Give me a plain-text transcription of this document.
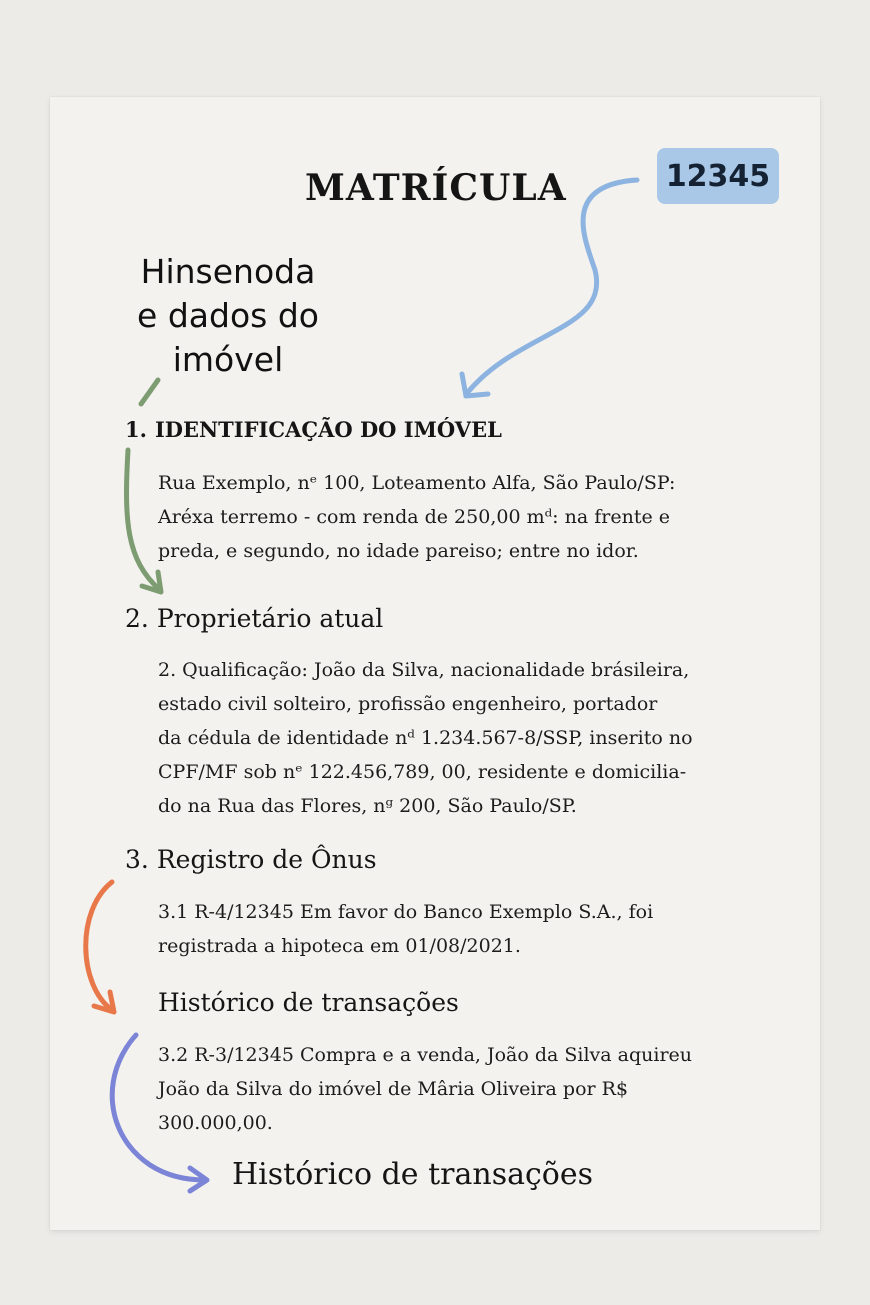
MATRÍCULA	12345
Hinsenoda
e dados do
imóvel
1. IDENTIFICAÇÃO DO IMÓVEL
Rua Exemplo, nᵉ 100, Loteamento Alfa, São Paulo/SP:
Aréxa terremo - com renda de 250,00 mᵈ: na frente e
preda, e segundo, no idade pareiso; entre no idor.
2. Proprietário atual
2. Qualificação: João da Silva, nacionalidade brásileira,
estado civil solteiro, profissão engenheiro, portador
da cédula de identidade nᵈ 1.234.567-8/SSP, inserito no
CPF/MF sob nᵉ 122.456,789, 00, residente e domicilia-
do na Rua das Flores, nᵍ 200, São Paulo/SP.
3. Registro de Ônus
3.1 R-4/12345 Em favor do Banco Exemplo S.A., foi
registrada a hipoteca em 01/08/2021.
Histórico de transações
3.2 R-3/12345 Compra e a venda, João da Silva aquireu
João da Silva do imóvel de Mâria Oliveira por R$
300.000,00.
Histórico de transações
